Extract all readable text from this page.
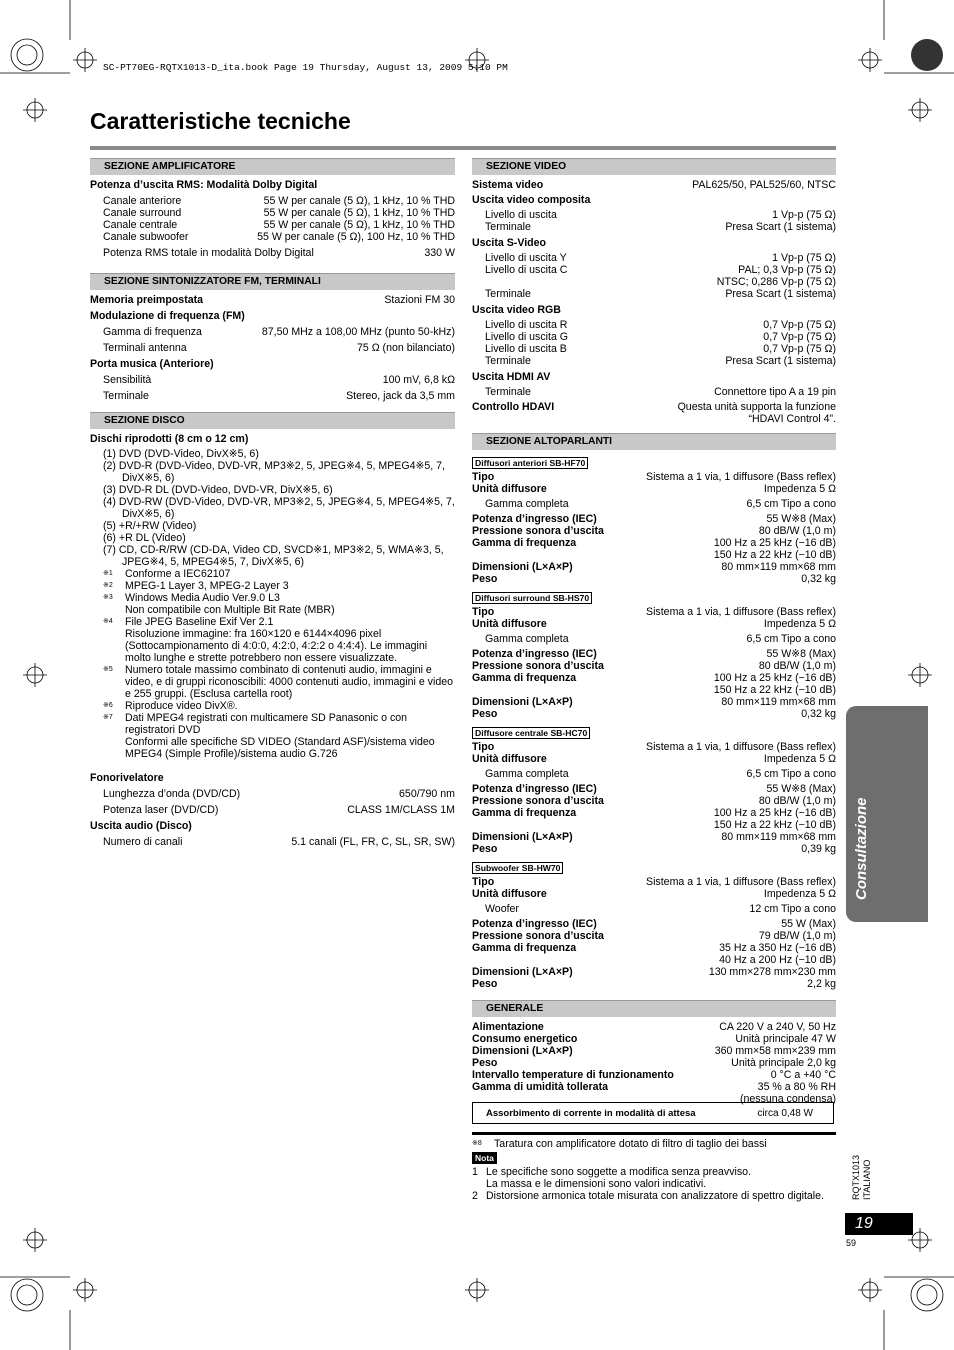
SC-PT70EG-RQTX1013-D_ita.book Page 19 Thursday, August 13, 2009 5:10 PM
Caratteristiche tecniche
SEZIONE AMPLIFICATORE
Potenza d’uscita RMS: Modalità Dolby Digital
Canale anteriore	55 W per canale (5 Ω), 1 kHz, 10 % THD
Canale surround	55 W per canale (5 Ω), 1 kHz, 10 % THD
Canale centrale	55 W per canale (5 Ω), 1 kHz, 10 % THD
Canale subwoofer	55 W per canale (5 Ω), 100 Hz, 10 % THD
Potenza RMS totale in modalità Dolby Digital	330 W
SEZIONE SINTONIZZATORE FM, TERMINALI
Memoria preimpostata	Stazioni FM 30
Modulazione di frequenza (FM)
Gamma di frequenza	87,50 MHz a 108,00 MHz (punto 50-kHz)
Terminali antenna	75 Ω (non bilanciato)
Porta musica (Anteriore)
Sensibilità	100 mV, 6,8 kΩ
Terminale	Stereo, jack da 3,5 mm
SEZIONE DISCO
Dischi riprodotti (8 cm o 12 cm)
(1) DVD (DVD-Video, DivX※5, 6)
(2) DVD-R (DVD-Video, DVD-VR, MP3※2, 5, JPEG※4, 5, MPEG4※5, 7,
DivX※5, 6)
(3) DVD-R DL (DVD-Video, DVD-VR, DivX※5, 6)
(4) DVD-RW (DVD-Video, DVD-VR, MP3※2, 5, JPEG※4, 5, MPEG4※5, 7,
DivX※5, 6)
(5) +R/+RW (Video)
(6) +R DL (Video)
(7) CD, CD-R/RW (CD-DA, Video CD, SVCD※1, MP3※2, 5, WMA※3, 5,
JPEG※4, 5, MPEG4※5, 7, DivX※5, 6)
※1 Conforme a IEC62107
※2 MPEG-1 Layer 3, MPEG-2 Layer 3
※3 Windows Media Audio Ver.9.0 L3
Non compatibile con Multiple Bit Rate (MBR)
※4 File JPEG Baseline Exif Ver 2.1
Risoluzione immagine: fra 160×120 e 6144×4096 pixel (Sottocampionamento di 4:0:0, 4:2:0, 4:2:2 o 4:4:4). Le immagini molto lunghe e strette potrebbero non essere visualizzate.
※5 Numero totale massimo combinato di contenuti audio, immagini e video, e di gruppi riconoscibili: 4000 contenuti audio, immagini e video e 255 gruppi. (Esclusa cartella root)
※6 Riproduce video DivX®.
※7 Dati MPEG4 registrati con multicamere SD Panasonic o con registratori DVD
Conformi alle specifiche SD VIDEO (Standard ASF)/sistema video MPEG4 (Simple Profile)/sistema audio G.726
Fonorivelatore
Lunghezza d’onda (DVD/CD)	650/790 nm
Potenza laser (DVD/CD)	CLASS 1M/CLASS 1M
Uscita audio (Disco)
Numero di canali	5.1 canali (FL, FR, C, SL, SR, SW)
SEZIONE VIDEO
Sistema video	PAL625/50, PAL525/60, NTSC
Uscita video composita
Livello di uscita	1 Vp-p (75 Ω)
Terminale	Presa Scart (1 sistema)
Uscita S-Video
Livello di uscita Y	1 Vp-p (75 Ω)
Livello di uscita C	PAL; 0,3 Vp-p (75 Ω)
NTSC; 0,286 Vp-p (75 Ω)
Terminale	Presa Scart (1 sistema)
Uscita video RGB
Livello di uscita R	0,7 Vp-p (75 Ω)
Livello di uscita G	0,7 Vp-p (75 Ω)
Livello di uscita B	0,7 Vp-p (75 Ω)
Terminale	Presa Scart (1 sistema)
Uscita HDMI AV
Terminale	Connettore tipo A a 19 pin
Controllo HDAVI	Questa unità supporta la funzione
“HDAVI Control 4”.
SEZIONE ALTOPARLANTI
Diffusori anteriori SB-HF70
Tipo	Sistema a 1 via, 1 diffusore (Bass reflex)
Unità diffusore	Impedenza 5 Ω
Gamma completa	6,5 cm Tipo a cono
Potenza d’ingresso (IEC)	55 W※8 (Max)
Pressione sonora d’uscita	80 dB/W (1,0 m)
Gamma di frequenza	100 Hz a 25 kHz (−16 dB)
150 Hz a 22 kHz (−10 dB)
Dimensioni (L×A×P)	80 mm×119 mm×68 mm
Peso	0,32 kg
Diffusori surround SB-HS70
Tipo	Sistema a 1 via, 1 diffusore (Bass reflex)
Unità diffusore	Impedenza 5 Ω
Gamma completa	6,5 cm Tipo a cono
Potenza d’ingresso (IEC)	55 W※8 (Max)
Pressione sonora d’uscita	80 dB/W (1,0 m)
Gamma di frequenza	100 Hz a 25 kHz (−16 dB)
150 Hz a 22 kHz (−10 dB)
Dimensioni (L×A×P)	80 mm×119 mm×68 mm
Peso	0,32 kg
Diffusore centrale SB-HC70
Tipo	Sistema a 1 via, 1 diffusore (Bass reflex)
Unità diffusore	Impedenza 5 Ω
Gamma completa	6,5 cm Tipo a cono
Potenza d’ingresso (IEC)	55 W※8 (Max)
Pressione sonora d’uscita	80 dB/W (1,0 m)
Gamma di frequenza	100 Hz a 25 kHz (−16 dB)
150 Hz a 22 kHz (−10 dB)
Dimensioni (L×A×P)	80 mm×119 mm×68 mm
Peso	0,39 kg
Subwoofer SB-HW70
Tipo	Sistema a 1 via, 1 diffusore (Bass reflex)
Unità diffusore	Impedenza 5 Ω
Woofer	12 cm Tipo a cono
Potenza d’ingresso (IEC)	55 W (Max)
Pressione sonora d’uscita	79 dB/W (1,0 m)
Gamma di frequenza	35 Hz a 350 Hz (−16 dB)
40 Hz a 200 Hz (−10 dB)
Dimensioni (L×A×P)	130 mm×278 mm×230 mm
Peso	2,2 kg
GENERALE
Alimentazione	CA 220 V a 240 V, 50 Hz
Consumo energetico	Unità principale 47 W
Dimensioni (L×A×P)	360 mm×58 mm×239 mm
Peso	Unità principale 2,0 kg
Intervallo temperature di funzionamento	0 °C a +40 °C
Gamma di umidità tollerata	35 % a 80 % RH
(nessuna condensa)
Assorbimento di corrente in modalità di attesa	circa 0,48 W
※8 Taratura con amplificatore dotato di filtro di taglio dei bassi
Nota
1 Le specifiche sono soggette a modifica senza preavviso.
La massa e le dimensioni sono valori indicativi.
2 Distorsione armonica totale misurata con analizzatore di spettro digitale.
Consultazione
RQTX1013 ITALIANO
19
59
